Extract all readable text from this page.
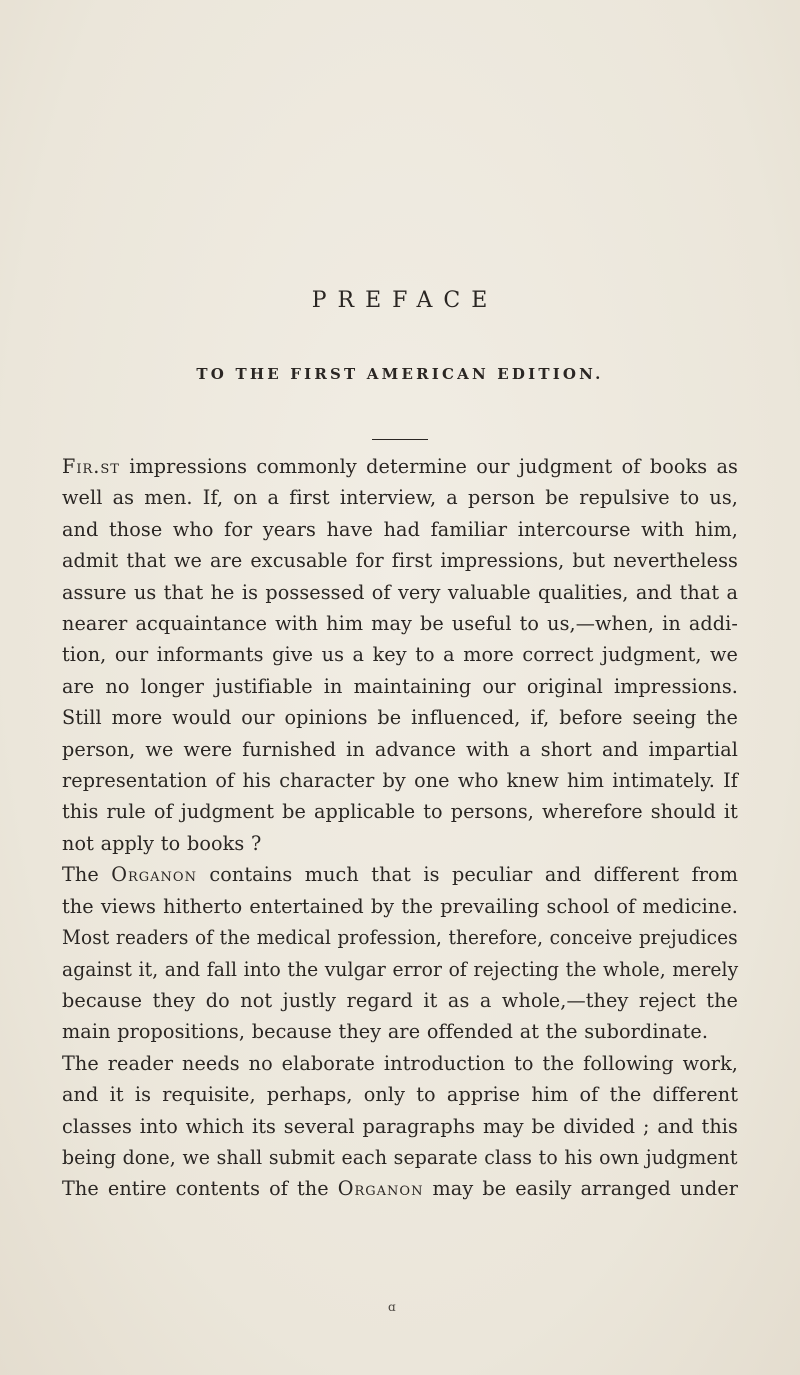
PREFACE
TO THE FIRST AMERICAN EDITION.

Fir.st impressions commonly determine our judgment of books as
well as men. If, on a first interview, a person be repulsive to us,
and those who for years have had familiar intercourse with him,
admit that we are excusable for first impressions, but nevertheless
assure us that he is possessed of very valuable qualities, and that a
nearer acquaintance with him may be useful to us,—when, in addi-
tion, our informants give us a key to a more correct judgment, we
are no longer justifiable in maintaining our original impressions.
Still more would our opinions be influenced, if, before seeing the
person, we were furnished in advance with a short and impartial
representation of his character by one who knew him intimately. If
this rule of judgment be applicable to persons, wherefore should it
not apply to books ?

The Organon contains much that is peculiar and different from
the views hitherto entertained by the prevailing school of medicine.
Most readers of the medical profession, therefore, conceive prejudices
against it, and fall into the vulgar error of rejecting the whole, merely
because they do not justly regard it as a whole,—they reject the
main propositions, because they are offended at the subordinate.

The reader needs no elaborate introduction to the following work,
and it is requisite, perhaps, only to apprise him of the different
classes into which its several paragraphs may be divided ; and this
being done, we shall submit each separate class to his own judgment

The entire contents of the Organon may be easily arranged under

ɑ
